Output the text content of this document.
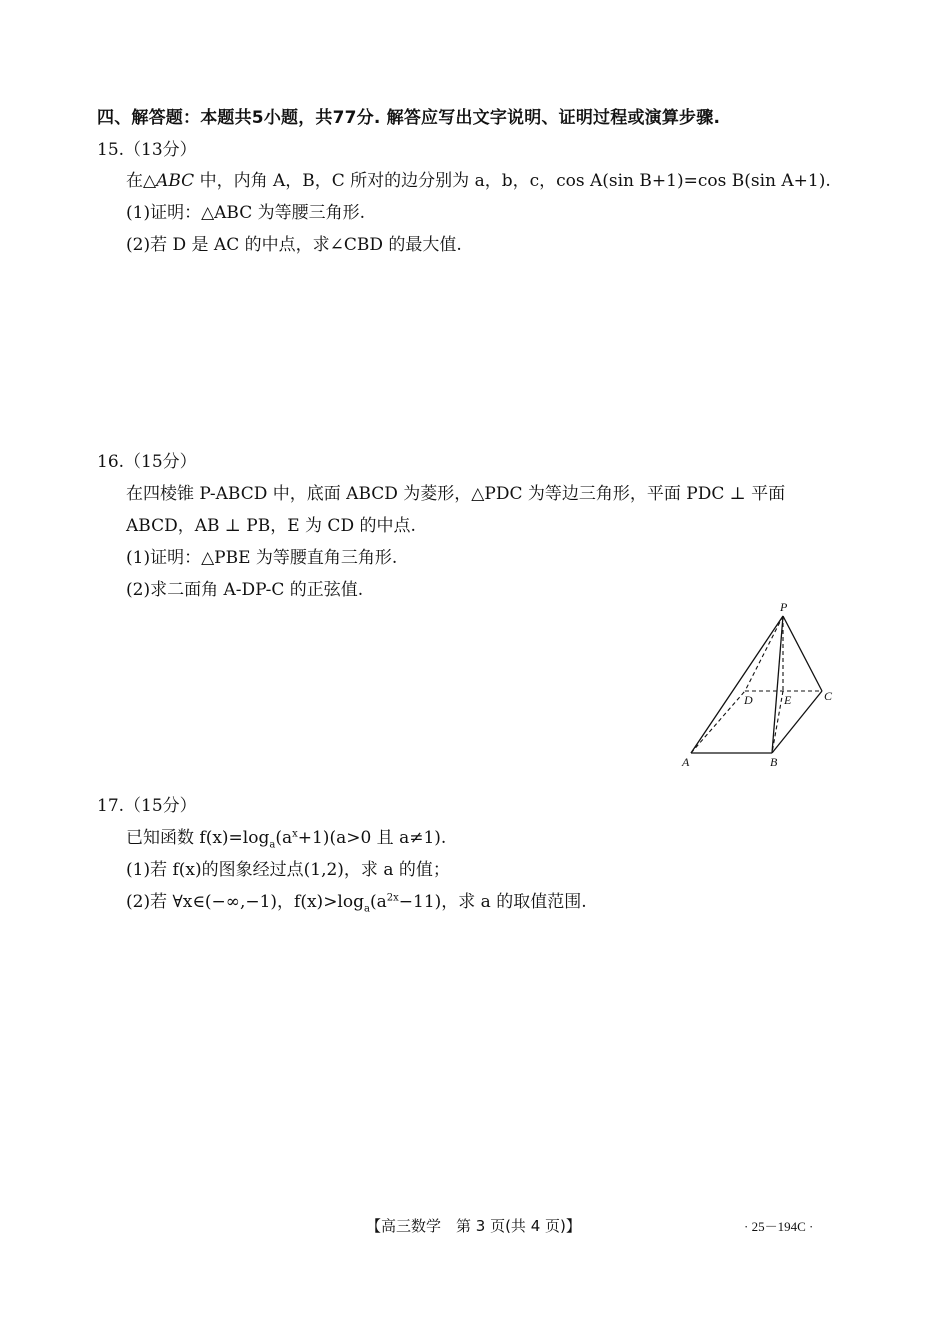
四、解答题：本题共5小题，共77分. 解答应写出文字说明、证明过程或演算步骤.
15.（13分）
在△ABC 中，内角 A，B，C 所对的边分别为 a，b，c，cos A(sin B+1)=cos B(sin A+1).
(1)证明：△ABC 为等腰三角形.
(2)若 D 是 AC 的中点，求∠CBD 的最大值.
16.（15分）
在四棱锥 P-ABCD 中，底面 ABCD 为菱形，△PDC 为等边三角形，平面 PDC ⊥ 平面
ABCD，AB ⊥ PB，E 为 CD 的中点.
(1)证明：△PBE 为等腰直角三角形.
(2)求二面角 A-DP-C 的正弦值.
P
A	B
C
D	E
17.（15分）
已知函数 $f(x)=\log_a(a^x+1)(a>0$ 且 a≠1).
(1)若 f(x)的图象经过点(1,2)，求 a 的值；
(2)若 ∀x∈(−∞,−1)，$f(x)>\log_a(a^{2x}-11)$，求 a 的取值范围.
【高三数学　第 3 页(共 4 页)】	· 25－194C ·
